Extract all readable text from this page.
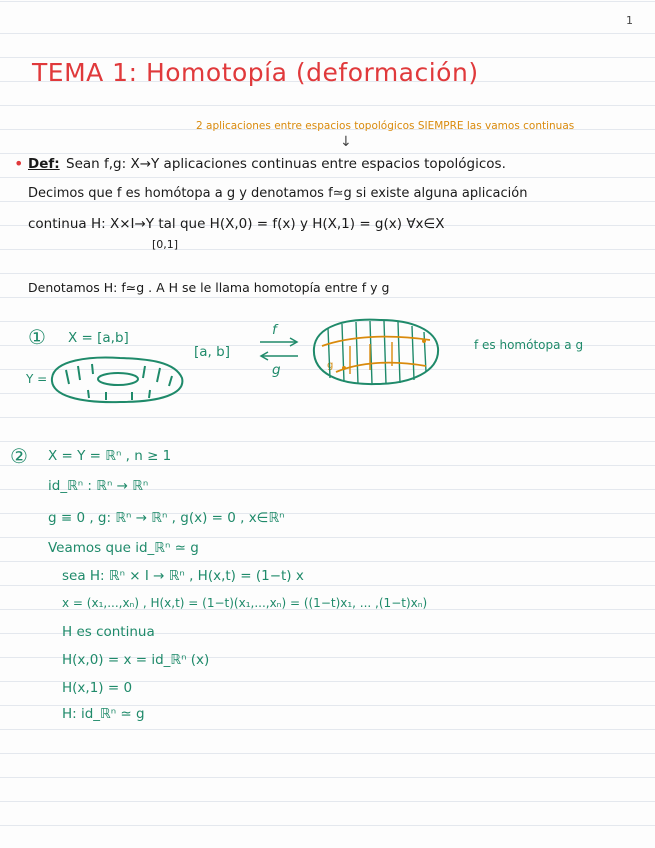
1
TEMA 1: Homotopía (deformación)
2 aplicaciones entre espacios topológicos SIEMPRE las vamos continuas
↓
• Def: Sean f,g: X→Y aplicaciones continuas entre espacios topológicos.
Decimos que f es homótopa a g y denotamos f≃g si existe alguna aplicación
continua H: X×I→Y tal que H(X,0) = f(x) y H(X,1) = g(x) ∀x∈X
[0,1]
Denotamos H: f≃g . A H se le llama homotopía entre f y g
① X = [a,b]
Y =
[a, b]
f
g	g
f es homótopa a g
② X = Y = ℝⁿ , n ≥ 1
id_ℝⁿ : ℝⁿ → ℝⁿ
g ≡ 0 , g: ℝⁿ → ℝⁿ , g(x) = 0 , x∈ℝⁿ
Veamos que id_ℝⁿ ≃ g
sea H: ℝⁿ × I → ℝⁿ , H(x,t) = (1−t) x
x = (x₁,...,xₙ) , H(x,t) = (1−t)(x₁,...,xₙ) = ((1−t)x₁, ... ,(1−t)xₙ)
H es continua
H(x,0) = x = id_ℝⁿ (x)
H(x,1) = 0
H: id_ℝⁿ ≃ g
